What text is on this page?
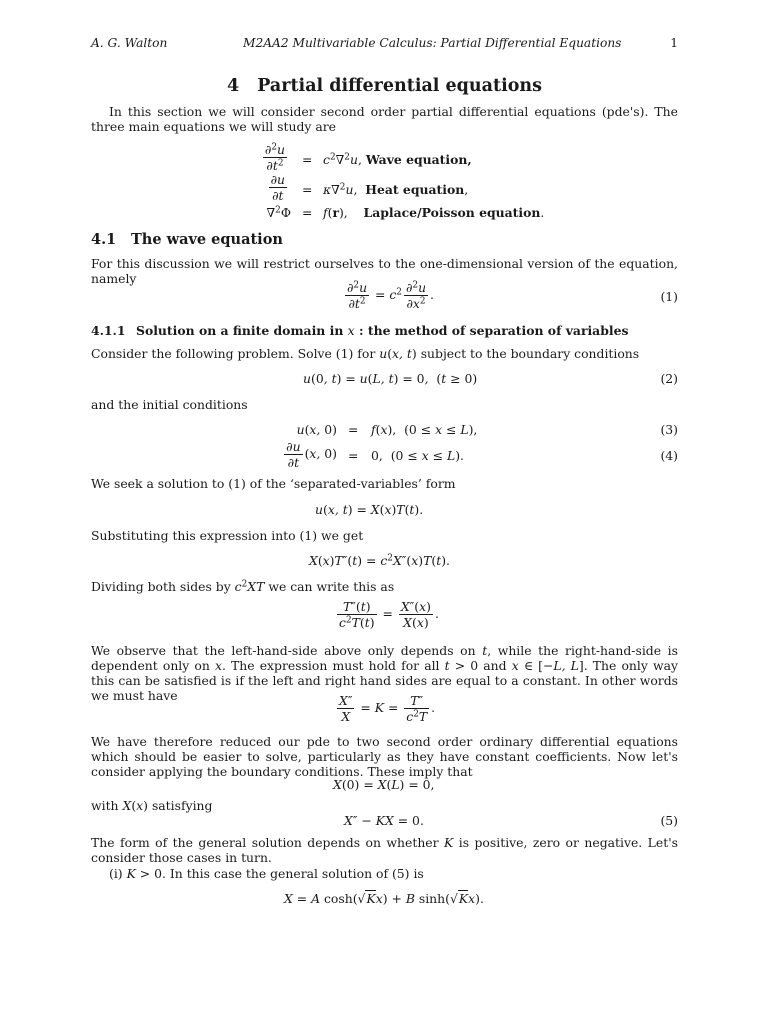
A. G. Walton	M2AA2 Multivariable Calculus: Partial Differential Equations	1
4 Partial differential equations
In this section we will consider second order partial differential equations (pde's). The three main equations we will study are
$\frac{\partial^2u}{\partial t^2} = c^2\nabla^2u$, Wave equation,
$\frac{\partial u}{\partial t} = \kappa\nabla^2u$,  Heat equation,
∇$^2$Φ = f(r),    Laplace/Poisson equation.
4.1 The wave equation
For this discussion we will restrict ourselves to the one-dimensional version of the equation, namely
$\frac{\partial^2u}{\partial t^2} = c^2 \frac{\partial^2u}{\partial x^2}$ .	(1)
4.1.1 Solution on a finite domain in x : the method of separation of variables
Consider the following problem. Solve (1) for u(x, t) subject to the boundary conditions
u(0, t) = u(L, t) = 0,  (t ≥ 0)	(2)
and the initial conditions
u(x, 0) = f(x),  (0 ≤ x ≤ L),	(3)
$\frac{\partial u}{\partial t} (x$, 0) = 0,  (0 ≤ x ≤ L).	(4)
We seek a solution to (1) of the ‘separated-variables’ form
u(x, t) = X(x)T(t).
Substituting this expression into (1) we get
$X(x)T''(t) = c^2X''(x)T(t)$.
Dividing both sides by $c^2XT$ we can write this as
$\frac{T''(t)}{c^2T(t)} = \frac{X''(x)}{X(x)}$ .
We observe that the left-hand-side above only depends on t, while the right-hand-side is dependent only on x. The expression must hold for all t > 0 and x ∈ [−L, L]. The only way this can be satisfied is if the left and right hand sides are equal to a constant. In other words we must have	$\frac{X''}{X} = K = \frac{T''}{c^2T}$ .
We have therefore reduced our pde to two second order ordinary differential equations which should be easier to solve, particularly as they have constant coefficients. Now let's consider applying the boundary conditions. These imply that
X(0) = X(L) = 0,
with X(x) satisfying
X″ − KX = 0.	(5)
The form of the general solution depends on whether K is positive, zero or negative. Let's consider those cases in turn.
(i) K > 0. In this case the general solution of (5) is
X = A cosh(√Kx) + B sinh(√Kx).
